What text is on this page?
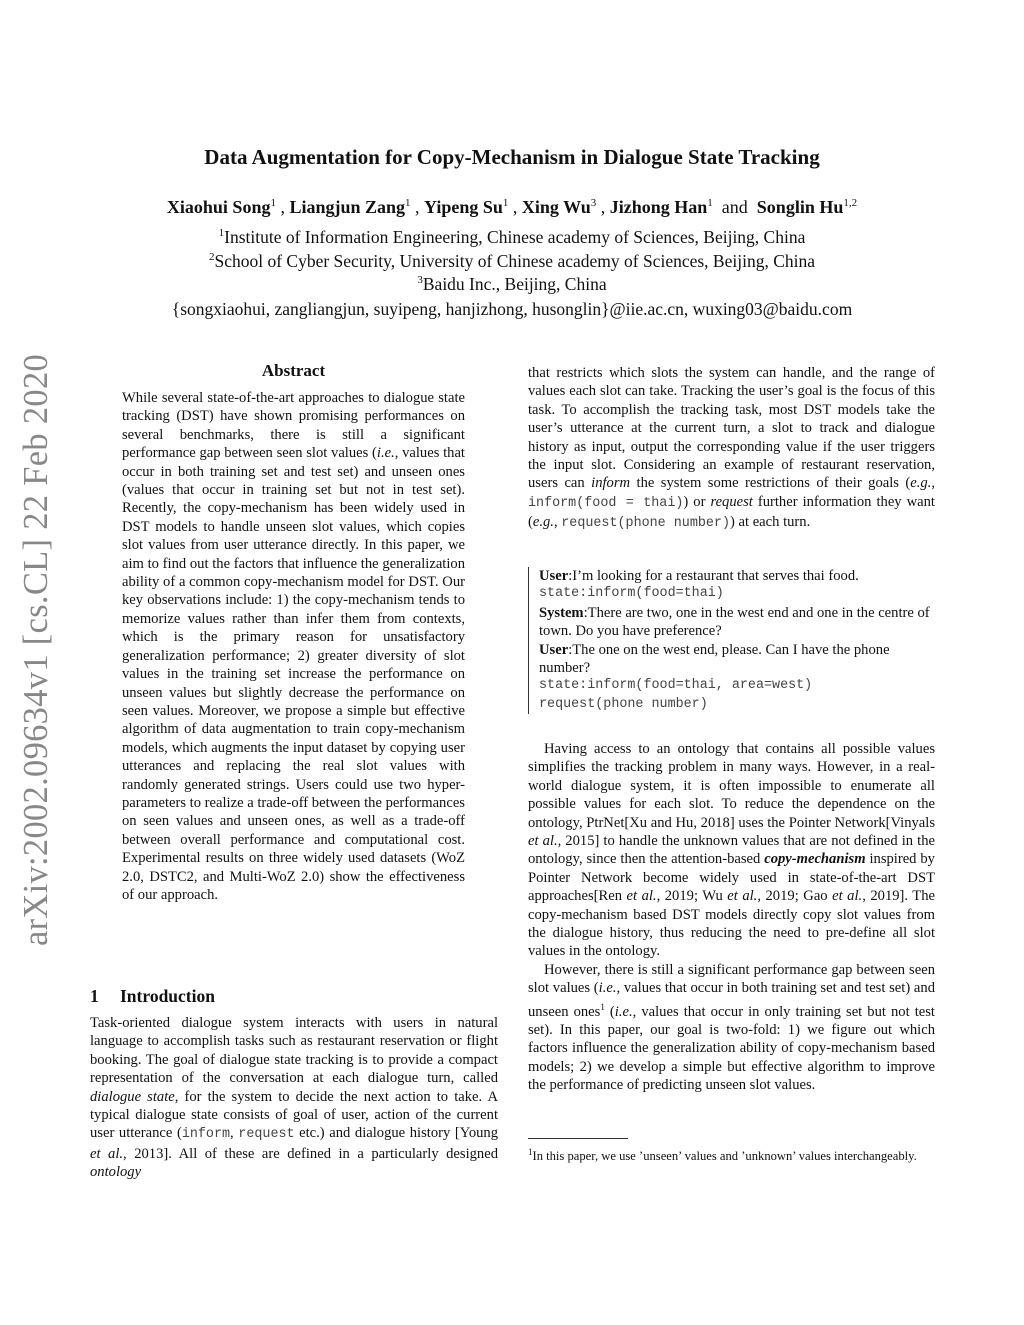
arXiv:2002.09634v1 [cs.CL] 22 Feb 2020
Data Augmentation for Copy-Mechanism in Dialogue State Tracking
Xiaohui Song$^1$ , Liangjun Zang$^1$ , Yipeng Su$^1$ , Xing Wu$^3$ , Jizhong Han$^1$ and Songlin Hu$^{1,2}$
$^1$Institute of Information Engineering, Chinese academy of Sciences, Beijing, China
$^2$School of Cyber Security, University of Chinese academy of Sciences, Beijing, China
$^3$Baidu Inc., Beijing, China
{songxiaohui, zangliangjun, suyipeng, hanjizhong, husonglin}@iie.ac.cn, wuxing03@baidu.com
Abstract
While several state-of-the-art approaches to dialogue state tracking (DST) have shown promising performances on several benchmarks, there is still a significant performance gap between seen slot values (i.e., values that occur in both training set and test set) and unseen ones (values that occur in training set but not in test set). Recently, the copy-mechanism has been widely used in DST models to handle unseen slot values, which copies slot values from user utterance directly. In this paper, we aim to find out the factors that influence the generalization ability of a common copy-mechanism model for DST. Our key observations include: 1) the copy-mechanism tends to memorize values rather than infer them from contexts, which is the primary reason for unsatisfactory generalization performance; 2) greater diversity of slot values in the training set increase the performance on unseen values but slightly decrease the performance on seen values. Moreover, we propose a simple but effective algorithm of data augmentation to train copy-mechanism models, which augments the input dataset by copying user utterances and replacing the real slot values with randomly generated strings. Users could use two hyper-parameters to realize a trade-off between the performances on seen values and unseen ones, as well as a trade-off between overall performance and computational cost. Experimental results on three widely used datasets (WoZ 2.0, DSTC2, and Multi-WoZ 2.0) show the effectiveness of our approach.
1 Introduction
Task-oriented dialogue system interacts with users in natural language to accomplish tasks such as restaurant reservation or flight booking. The goal of dialogue state tracking is to provide a compact representation of the conversation at each dialogue turn, called dialogue state, for the system to decide the next action to take. A typical dialogue state consists of goal of user, action of the current user utterance (inform, request etc.) and dialogue history [Young et al., 2013]. All of these are defined in a particularly designed ontology
that restricts which slots the system can handle, and the range of values each slot can take. Tracking the user’s goal is the focus of this task. To accomplish the tracking task, most DST models take the user’s utterance at the current turn, a slot to track and dialogue history as input, output the corresponding value if the user triggers the input slot. Considering an example of restaurant reservation, users can inform the system some restrictions of their goals (e.g., inform(food = thai)) or request further information they want (e.g., request(phone number)) at each turn.
User:I’m looking for a restaurant that serves thai food.
state:inform(food=thai)
System:There are two, one in the west end and one in the centre of town. Do you have preference?
User:The one on the west end, please. Can I have the phone number?
state:inform(food=thai, area=west)
request(phone number)

Having access to an ontology that contains all possible values simplifies the tracking problem in many ways. However, in a real-world dialogue system, it is often impossible to enumerate all possible values for each slot. To reduce the dependence on the ontology, PtrNet[Xu and Hu, 2018] uses the Pointer Network[Vinyals et al., 2015] to handle the unknown values that are not defined in the ontology, since then the attention-based copy-mechanism inspired by Pointer Network become widely used in state-of-the-art DST approaches[Ren et al., 2019; Wu et al., 2019; Gao et al., 2019]. The copy-mechanism based DST models directly copy slot values from the dialogue history, thus reducing the need to pre-define all slot values in the ontology.

However, there is still a significant performance gap between seen slot values (i.e., values that occur in both training set and test set) and unseen ones$^1$ (i.e., values that occur in only training set but not test set). In this paper, our goal is two-fold: 1) we figure out which factors influence the generalization ability of copy-mechanism based models; 2) we develop a simple but effective algorithm to improve the performance of predicting unseen slot values.

$^1$In this paper, we use ’unseen’ values and ’unknown’ values interchangeably.
